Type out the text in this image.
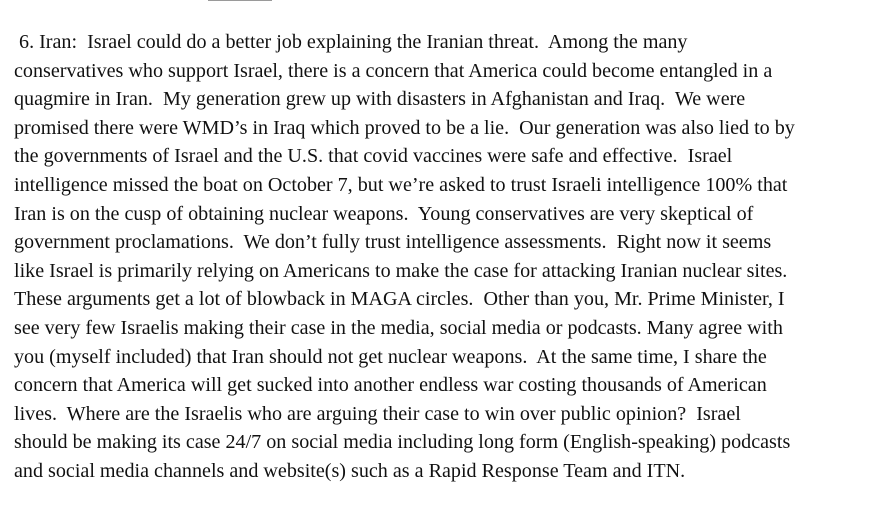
6. Iran:  Israel could do a better job explaining the Iranian threat.  Among the many
conservatives who support Israel, there is a concern that America could become entangled in a
quagmire in Iran.  My generation grew up with disasters in Afghanistan and Iraq.  We were
promised there were WMD’s in Iraq which proved to be a lie.  Our generation was also lied to by
the governments of Israel and the U.S. that covid vaccines were safe and effective.  Israel
intelligence missed the boat on October 7, but we’re asked to trust Israeli intelligence 100% that
Iran is on the cusp of obtaining nuclear weapons.  Young conservatives are very skeptical of
government proclamations.  We don’t fully trust intelligence assessments.  Right now it seems
like Israel is primarily relying on Americans to make the case for attacking Iranian nuclear sites.
These arguments get a lot of blowback in MAGA circles.  Other than you, Mr. Prime Minister, I
see very few Israelis making their case in the media, social media or podcasts. Many agree with
you (myself included) that Iran should not get nuclear weapons.  At the same time, I share the
concern that America will get sucked into another endless war costing thousands of American
lives.  Where are the Israelis who are arguing their case to win over public opinion?  Israel
should be making its case 24/7 on social media including long form (English-speaking) podcasts
and social media channels and website(s) such as a Rapid Response Team and ITN.
